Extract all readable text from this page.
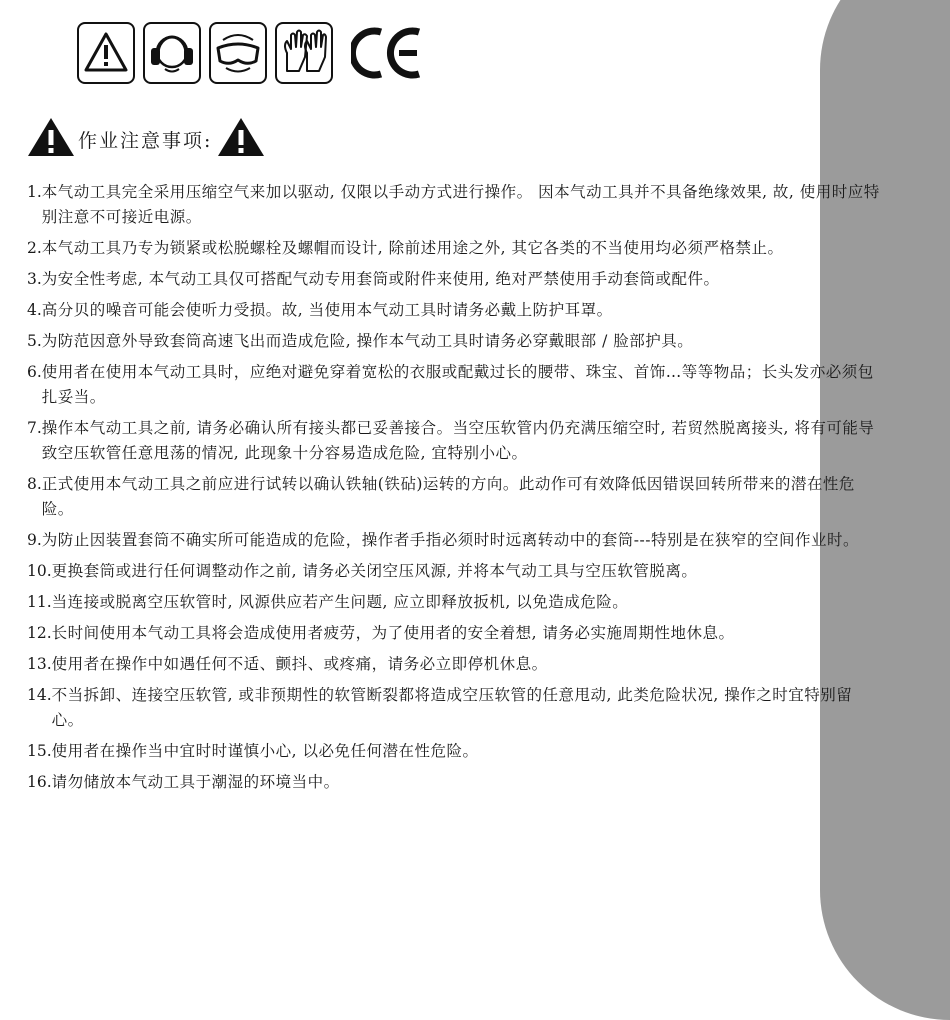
作业注意事项:
1. 本气动工具完全采用压缩空气来加以驱动, 仅限以手动方式进行操作。 因本气动工具并不具备绝缘效果, 故, 使用时应特别注意不可接近电源。
2. 本气动工具乃专为锁紧或松脱螺栓及螺帽而设计, 除前述用途之外, 其它各类的不当使用均必须严格禁止。
3. 为安全性考虑, 本气动工具仅可搭配气动专用套筒或附件来使用, 绝对严禁使用手动套筒或配件。
4. 高分贝的噪音可能会使听力受损。故, 当使用本气动工具时请务必戴上防护耳罩。
5. 为防范因意外导致套筒高速飞出而造成危险, 操作本气动工具时请务必穿戴眼部 / 脸部护具。
6. 使用者在使用本气动工具时，应绝对避免穿着宽松的衣服或配戴过长的腰带、珠宝、首饰…等等物品；长头发亦必须包扎妥当。
7. 操作本气动工具之前, 请务必确认所有接头都已妥善接合。当空压软管内仍充满压缩空时, 若贸然脱离接头, 将有可能导致空压软管任意甩荡的情况, 此现象十分容易造成危险, 宜特别小心。
8. 正式使用本气动工具之前应进行试转以确认铁轴(铁砧)运转的方向。此动作可有效降低因错误回转所带来的潜在性危险。
9. 为防止因装置套筒不确实所可能造成的危险，操作者手指必须时时远离转动中的套筒---特别是在狭窄的空间作业时。
10. 更换套筒或进行任何调整动作之前, 请务必关闭空压风源, 并将本气动工具与空压软管脱离。
11. 当连接或脱离空压软管时, 风源供应若产生问题, 应立即释放扳机, 以免造成危险。
12. 长时间使用本气动工具将会造成使用者疲劳，为了使用者的安全着想, 请务必实施周期性地休息。
13. 使用者在操作中如遇任何不适、颤抖、或疼痛，请务必立即停机休息。
14. 不当拆卸、连接空压软管, 或非预期性的软管断裂都将造成空压软管的任意甩动, 此类危险状况, 操作之时宜特别留心。
15. 使用者在操作当中宜时时谨慎小心, 以必免任何潜在性危险。
16. 请勿储放本气动工具于潮湿的环境当中。
